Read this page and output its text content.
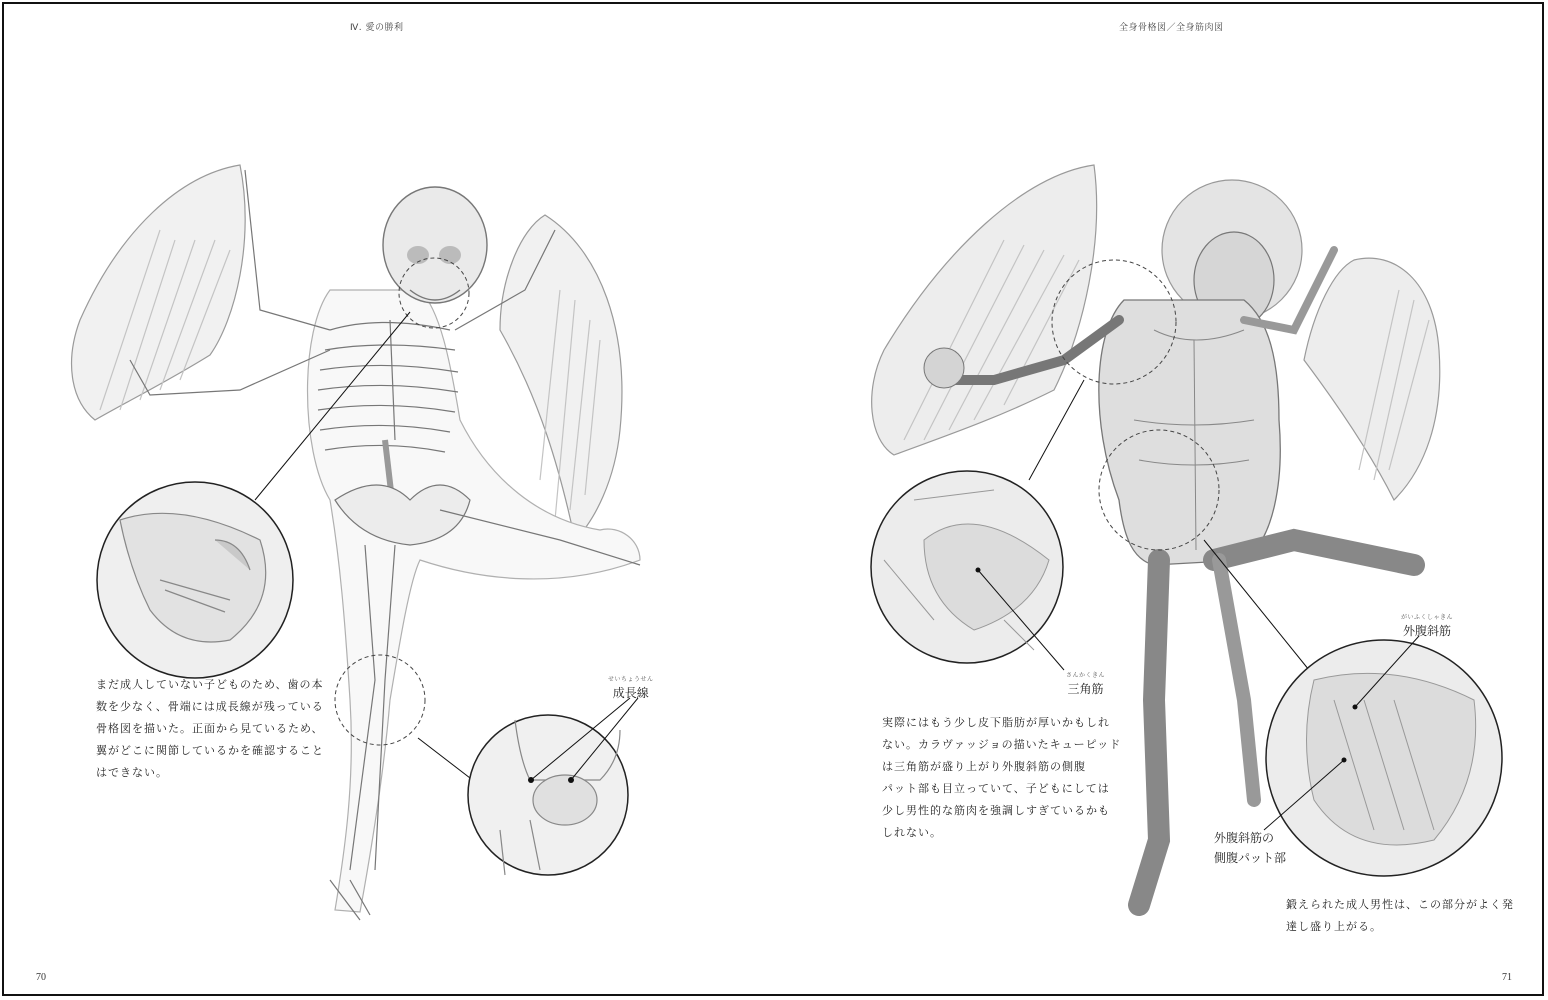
Ⅳ. 愛の勝利
せいちょうせん
成長線
まだ成人していない子どものため、歯の本
数を少なく、骨端には成長線が残っている
骨格図を描いた。正面から見ているため、
翼がどこに関節しているかを確認すること
はできない。
70
全身骨格図／全身筋肉図
さんかくきん
三角筋
がいふくしゃきん
外腹斜筋
外腹斜筋の
側腹パット部
実際にはもう少し皮下脂肪が厚いかもしれ
ない。カラヴァッジョの描いたキューピッド
は三角筋が盛り上がり外腹斜筋の側腹
パット部も目立っていて、子どもにしては
少し男性的な筋肉を強調しすぎているかも
しれない。
鍛えられた成人男性は、この部分がよく発
達し盛り上がる。
71
